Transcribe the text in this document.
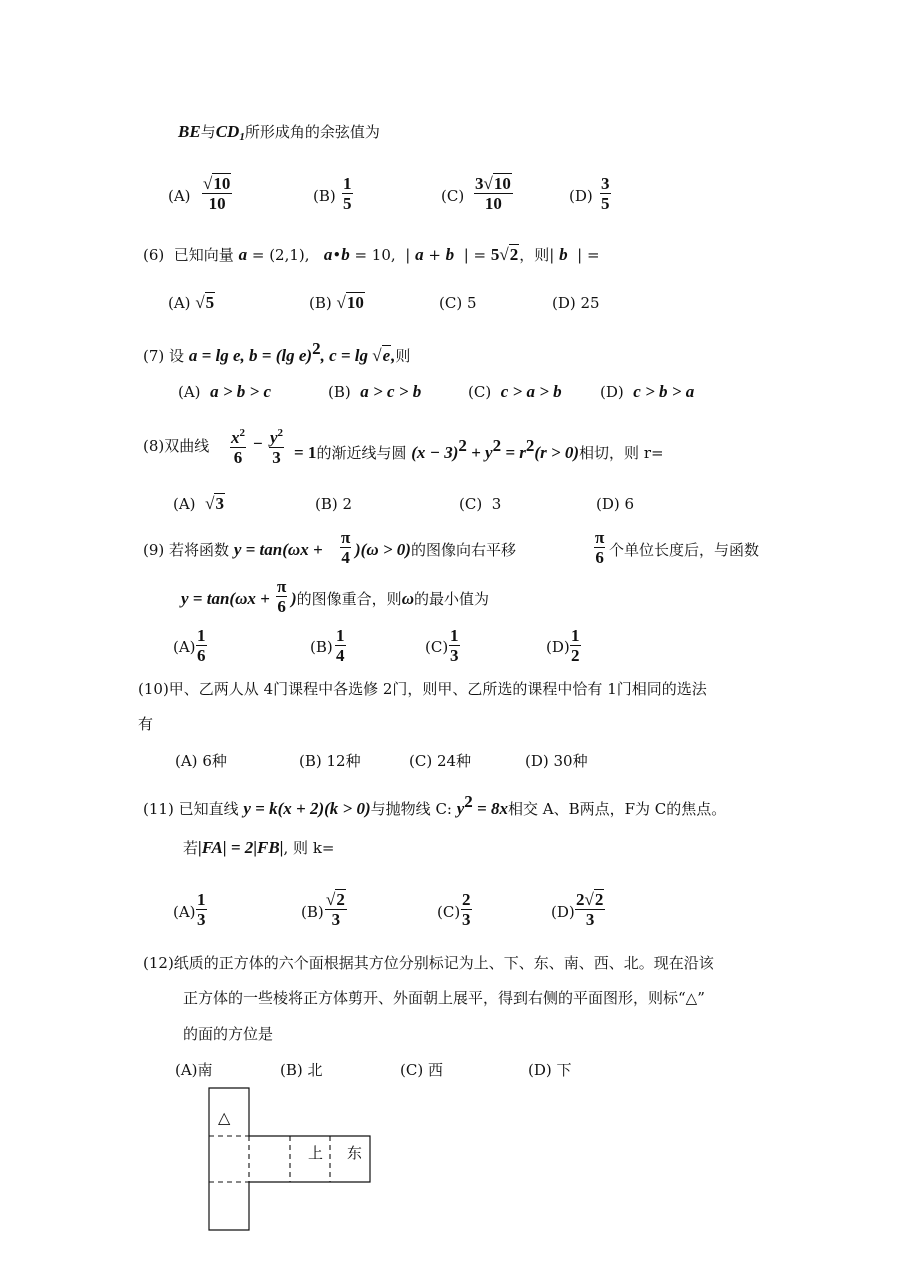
BE与$CD_1$所形成角的余弦值为
$(A) \frac{√10}{10}$	$(B) \frac{1}{5}$	$(C) \frac{3√10}{10}$	$(D) \frac{3}{5}$
(6) 已知向量 a = (2,1), a•b = 10, | a + b | = 5√2，则| b | =
(A) √5	(B) √10	(C) 5	(D) 25
(7) 设 a = lg e, b = (lg e)$^2$, c = lg √e,则
(A) a > b > c	(B) a > c > b	(C) c > a > b	(D) c > b > a
(8)双曲线 $\frac{x^2}{6} - \frac{y^2}{3} = 1$的渐近线与圆 $(x - 3)^2 + y^2 = r^2(r > 0)$相切，则 r=
(A) √3	(B) 2	(C) 3	(D) 6
(9) 若将函数 $y = \tan(\omega x + \frac{\pi}{4} )(\omega > 0)$的图像向右平移	$\frac{\pi}{6}$ 个单位长度后，与函数
$y = \tan(\omega x + \frac{\pi}{6}$ )的图像重合，则ω的最小值为
$(A) \frac{1}{6}$	$(B) \frac{1}{4}$	$(C) \frac{1}{3}$	$(D) \frac{1}{2}$
(10)甲、乙两人从 4门课程中各选修 2门，则甲、乙所选的课程中恰有 1门相同的选法
有
(A) 6种	(B) 12种	(C) 24种	(D) 30种
(11) 已知直线 y = k(x + 2)(k > 0)与抛物线 C: $y^2 = 8x$相交 A、B两点，F为 C的焦点。
若|FA| = 2|FB|, 则 k=
$(A) \frac{1}{3}$	$(B) \frac{√2}{3}$	$(C) \frac{2}{3}$	$(D) \frac{2√2}{3}$
(12)纸质的正方体的六个面根据其方位分别标记为上、下、东、南、西、北。现在沿该
正方体的一些棱将正方体剪开、外面朝上展平，得到右侧的平面图形，则标“△”
的面的方位是
(A)南	(B) 北	(C) 西	(D) 下
△
上 东
